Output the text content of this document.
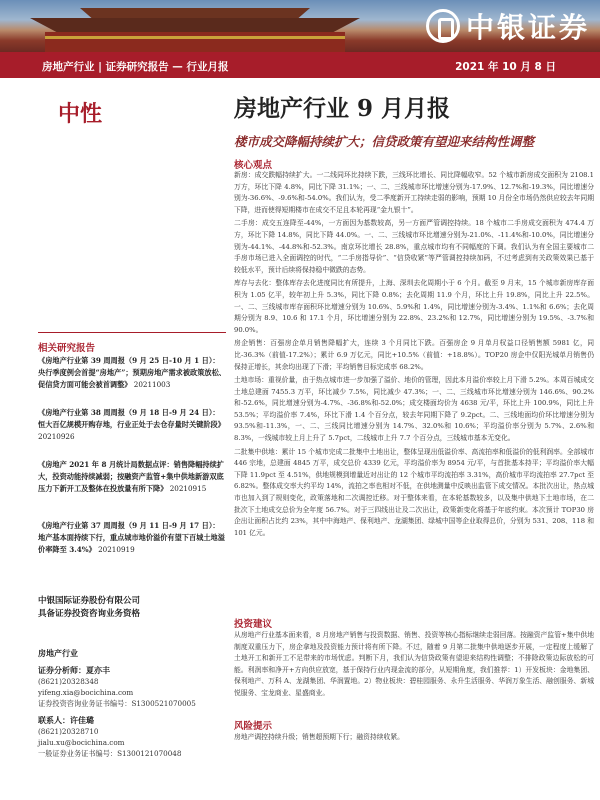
中银证券
房地产行业 | 证券研究报告 — 行业月报	2021 年 10 月 8 日
中性	房地产行业 9 月月报
楼市成交降幅持续扩大；信贷政策有望迎来结构性调整
核心观点

新房：成交跌幅持续扩大。一二线同环比持续下跌，三线环比增长、同比降幅收窄。52 个城市新房成交面积为 2108.1 万方，环比下降 4.8%，同比下降 31.1%；一、二、三线城市环比增速分别为-17.9%、12.7%和-19.3%，同比增速分别为-36.6%、-9.6%和-54.0%。我们认为，受二季度新开工持续走弱的影响，预期 10 月份全市场仍然供应较去年同期下降，进而使得短期楼市在成交不足且本轮再现“金九银十”。

二手房：成交五连降至-44%，一方面因为基数较高，另一方面严管调控持续。18 个城市二手房成交面积为 474.4 万方，环比下降 14.8%，同比下降 44.0%。一、二、三线城市环比增速分别为-21.0%、-11.4%和-10.0%，同比增速分别为-44.1%、-44.8%和-52.3%。南京环比增长 28.8%，重点城市均有不同幅度的下调。我们认为有全国主要城市二手房市场已进入全面调控的时代，“二手房指导价”、“信贷收紧”等严管调控持续加码，不过考虑到有关政策效果已基于较低水平，预计后续将保持稳中微跌的态势。

库存与去化：整体库存去化进度同比有所提升，上海、深圳去化周期小于 6 个月。截至 9 月末，15 个城市新房库存面积为 1.05 亿平，较年初上升 5.3%，同比下降 0.8%；去化周期 11.9 个月，环比上升 19.8%，同比上升 22.5%。一、二、三线城市库存面积环比增速分别为 10.6%、5.9%和 1.4%，同比增速分别为-3.4%、1.1%和 6.6%；去化周期分别为 8.9、10.6 和 17.1 个月，环比增速分别为 22.8%、23.2%和 12.7%，同比增速分别为 19.5%、-3.7%和 90.0%。

房企销售：百强房企单月销售降幅扩大，连续 3 个月同比下跌。百强房企 9 月单月权益口径销售额 5981 亿，同比-36.3%（前值-17.2%）；累计 6.9 万亿元，同比+10.5%（前值：+18.8%）。TOP20 房企中仅阳光城单月销售仍保持正增长，其余均出现了下滑；平均销售目标完成率 68.2%。

土地市场：重视价量，由于热点城市进一步加强了溢价、地价的管理，因此本月溢价率较上月下滑 5.2%。本周百城成交土地总建面 7455.3 万平，环比减少 7.5%，同比减少 47.3%；一、二、三线城市环比增速分别为 146.6%、90.2%和-52.6%，同比增速分别为-4.7%、-36.8%和-52.0%；成交楼面均价为 4638 元/平，环比上升 100.9%，同比上升 53.5%；平均溢价率 7.4%，环比下滑 1.4 个百分点，较去年同期下降了 9.2pct。二、三线地面均价环比增速分别为 93.5%和-11.3%，一、二、三线同比增速分别为 14.7%、32.0%和 10.6%；平均溢价率分别为 5.7%、2.6%和 8.3%，一线城市较上月上升了 5.7pct，二线城市上升 7.7 个百分点，三线城市基本无变化。

二批集中供地：累计 15 个城市完成二批集中土地出让，整体呈现出低溢价率、高流拍率和低溢价的低利润率。全部城市 446 宗地，总建面 4845 万平，成交总价 4339 亿元，平均溢价率为 8954 元/平，与首批基本持平；平均溢价率大幅下降 11.9pct 至 4.51%，供地规模到增量近对出让的 12 个城市平均流拍率 3.31%，高价城市平均流拍率 27.7pct 至 6.82%。整体成交率大约平均 14%，流拍之率也相对不低，在供地测量中反映出监管下成交情况。本批次出让，热点城市也加入到了规则变化，政策落地和二次调控迁移。对于整体来看，在本轮基数较多，以及集中供地下土地市场，在二批次下土地成交总价为全年度 56.7%。对于三四线出让及二次出让，政策新变化将基于年底约束。本次预计 TOP30 房企出让面积占比约 23%，其中中海地产、保利地产、龙湖集团、绿城中国等企业取得总价，分别为 531、208、118 和 101 亿元。

投资建议

从房地产行业基本面来看，8 月房地产销售与投资数据、销售、投资等核心指标继续走弱回落。按融资产监管+集中供地制度双重压力下，房企拿地及投资能力预计将有所下降。不过，随着 9 月第二批集中供地逐步开展，一定程度上缓解了土地开工和新开工不足带来的市场忧虑。判断下月，我们认为信贷政策有望迎来结构性调整；不排除政策边际放松的可能。利润率和净开+方向供应放宽，基于保持行业内现金流的部分，从短期角度，我们推荐：1）开发板块：金地集团、保利地产、万科 A、龙湖集团、华润置地。2）物业板块：碧桂园服务、永升生活服务、华润万象生活、融创服务、新城悦服务、宝龙商业、星盛商业。

风险提示

房地产调控持续升级；销售超预期下行；融资持续收紧。

相关研究报告
《房地产行业第 39 周周报（9 月 25 日-10 月 1 日）：央行季度例会首提“房地产”；预期房地产需求被政策放松、促信贷方面可能会被首调整》 20211003
《房地产行业第 38 周周报（9 月 18 日-9 月 24 日）：恒大百亿规模开购存地，行业正处于去仓存量时关键阶段》 20210926
《房地产 2021 年 8 月统计局数据点评：销售降幅持续扩大，投资动能持续减弱；按融资产监管+集中供地新游双底压力下新开工及整体在投放量有所下降》 20210915
《房地产行业第 37 周周报（9 月 11 日-9 月 17 日）：地产基本面持续下行，重点城市地价溢价有望下百城土地溢价率降至 3.4%》 20210919
中银国际证券股份有限公司
具备证券投资咨询业务资格
房地产行业
证券分析师：夏亦丰
(8621)20328348
yifeng.xia@bocichina.com
证券投资咨询业务证书编号：S1300521070005
联系人：许佳璐
(8621)20328710
jialu.xu@bocichina.com
一般证券业务证书编号：S1300121070048
